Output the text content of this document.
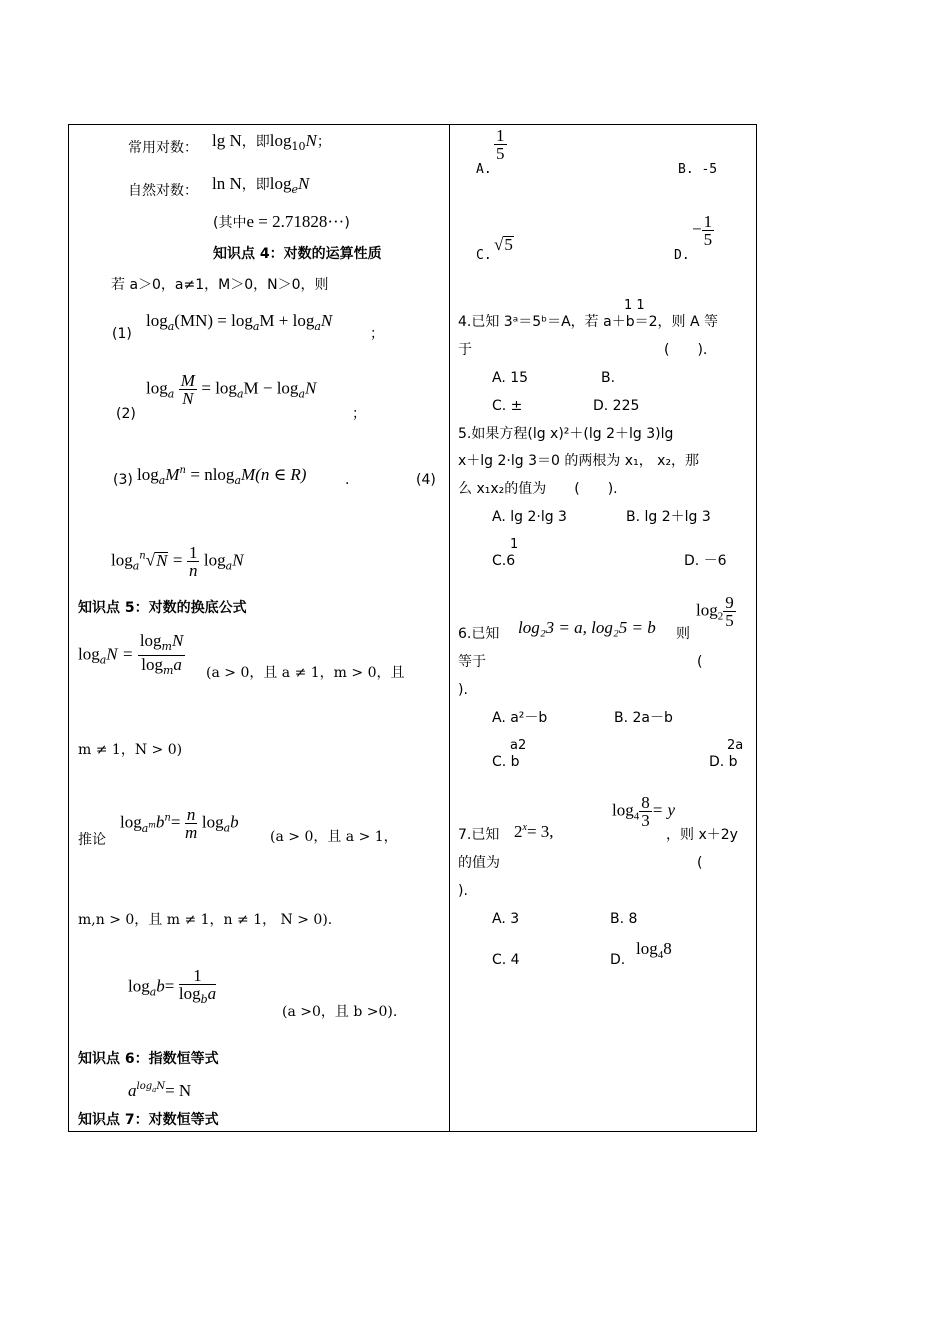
常用对数： lg N，即$\log_{10}N$；
自然对数： ln N，即$\log_eN$
(其中e = 2.71828···)
知识点 4：对数的运算性质
若 a＞0，a≠1，M＞0，N＞0，则
(1)
$\log_a(MN) = \log_aM + \log_aN$
；
(2)
$\log_a \frac{M}{N} = \log_aM - \log_aN$
；
(3) $\log_aM^n = nlog_aM(n$ ∈ R)	.	(4)
$\log_a^n√N = \frac{1}{n} \log_aN$
知识点 5：对数的换底公式
$\log_aN = \frac{\log_mN}{\log_ma} (a > 0$，且 a ≠ 1，m > 0，且
m ≠ 1，N > 0)
推论
$\log_{a^m}b^n= \frac{n}{m} \log_ab$
(a > 0，且 a > 1，
m,n > 0，且 m ≠ 1，n ≠ 1， N > 0).
$\log_ab= \frac{1}{\log_ba}$
(a >0，且 b >0).
知识点 6：指数恒等式
$a^{log_aN}= N$
知识点 7：对数恒等式
A.
$\frac{1}{5}$
B. -5
C.
√5
D.
− $\frac{1}{5}$
1 1
4.已知 3ᵃ＝5ᵇ＝A，若 a＋b＝2，则 A 等
于	(　　).
A. 15	B.
C. ±	D. 225
5.如果方程(lg x)²＋(lg 2＋lg 3)lg
x＋lg 2·lg 3＝0 的两根为 x₁， x₂，那
么 x₁x₂的值为　　(　　).
A. lg 2·lg 3	B. lg 2＋lg 3
1
C.6	D. －6
6.已知 log₂3 = a, log₂5 = b 则
$\log_2 \frac{9}{5}$
等于	(
).
A. a²－b	B. 2a－b
a2
C. b
2a
D. b
7.已知 $2^x= 3$,
$\log_4 \frac{8}{3} = y$
，则 x＋2y
的值为	(
).
A. 3	B. 8
C. 4	D.
$\log_48$
